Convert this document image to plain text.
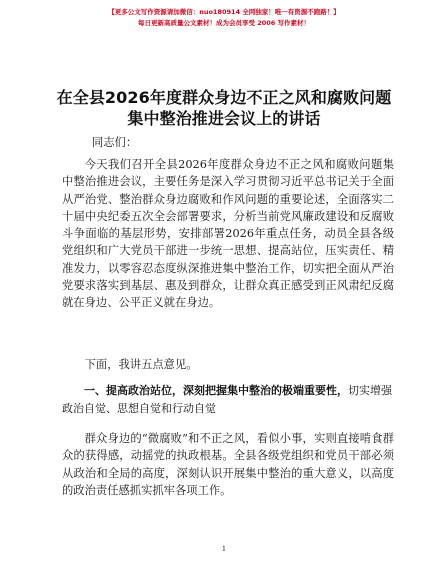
【更多公文写作资源请加微信：nuo180914 全网独家！唯一有资源不跑路！】
每日更新高质量公文素材！成为会员享受 2006 写作素材！
在全县2026年度群众身边不正之风和腐败问题
集中整治推进会议上的讲话
同志们：

今天我们召开全县2026年度群众身边不正之风和腐败问题集中整治推进会议，主要任务是深入学习贯彻习近平总书记关于全面从严治党、整治群众身边腐败和作风问题的重要论述，全面落实二十届中央纪委五次全会部署要求，分析当前党风廉政建设和反腐败斗争面临的基层形势，安排部署2026年重点任务，动员全县各级党组织和广大党员干部进一步统一思想、提高站位，压实责任、精准发力，以零容忍态度纵深推进集中整治工作，切实把全面从严治党要求落实到基层、惠及到群众，让群众真正感受到正风肃纪反腐就在身边、公平正义就在身边。

下面，我讲五点意见。

一、提高政治站位，深刻把握集中整治的极端重要性，切实增强政治自觉、思想自觉和行动自觉

群众身边的“微腐败”和不正之风，看似小事，实则直接啃食群众的获得感，动摇党的执政根基。全县各级党组织和党员干部必须从政治和全局的高度，深刻认识开展集中整治的重大意义，以高度的政治责任感抓实抓牢各项工作。

1
